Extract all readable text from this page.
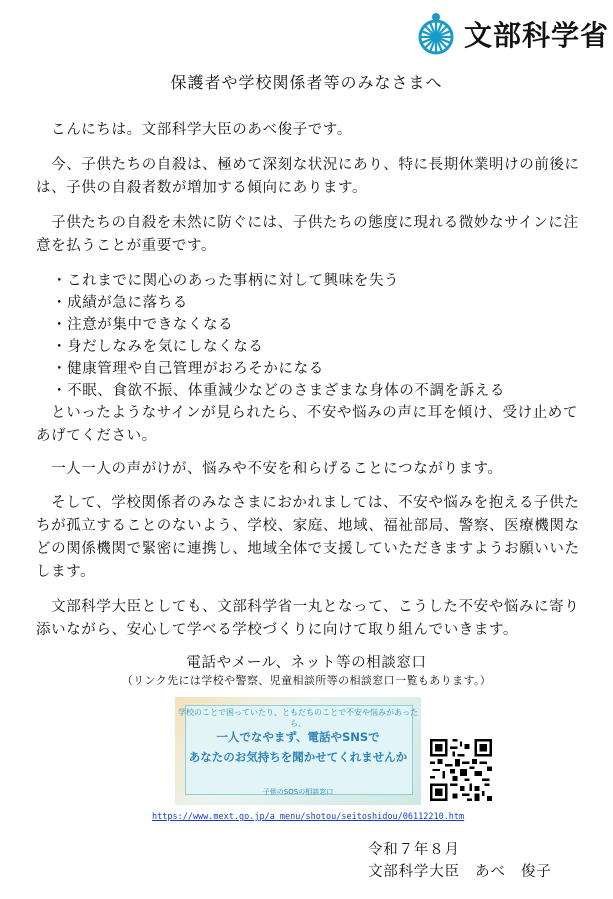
文部科学省
保護者や学校関係者等のみなさまへ
　こんにちは。文部科学大臣のあべ俊子です。
　今、子供たちの自殺は、極めて深刻な状況にあり、特に長期休業明けの前後には、子供の自殺者数が増加する傾向にあります。
　子供たちの自殺を未然に防ぐには、子供たちの態度に現れる微妙なサインに注意を払うことが重要です。
・これまでに関心のあった事柄に対して興味を失う
・成績が急に落ちる
・注意が集中できなくなる
・身だしなみを気にしなくなる
・健康管理や自己管理がおろそかになる
・不眠、食欲不振、体重減少などのさまざまな身体の不調を訴える
　といったようなサインが見られたら、不安や悩みの声に耳を傾け、受け止めてあげてください。
　一人一人の声がけが、悩みや不安を和らげることにつながります。
　そして、学校関係者のみなさまにおかれましては、不安や悩みを抱える子供たちが孤立することのないよう、学校、家庭、地域、福祉部局、警察、医療機関などの関係機関で緊密に連携し、地域全体で支援していただきますようお願いいたします。
　文部科学大臣としても、文部科学省一丸となって、こうした不安や悩みに寄り添いながら、安心して学べる学校づくりに向けて取り組んでいきます。
電話やメール、ネット等の相談窓口
（リンク先には学校や警察、児童相談所等の相談窓口一覧もあります。）
学校のことで困っていたり、ともだちのことで不安や悩みがあったら、
一人でなやまず、電話やSNSで
あなたのお気持ちを聞かせてくれませんか
子供のSOSの相談窓口
https://www.mext.go.jp/a_menu/shotou/seitoshidou/06112210.htm
令和７年８月
文部科学大臣　あべ　俊子
